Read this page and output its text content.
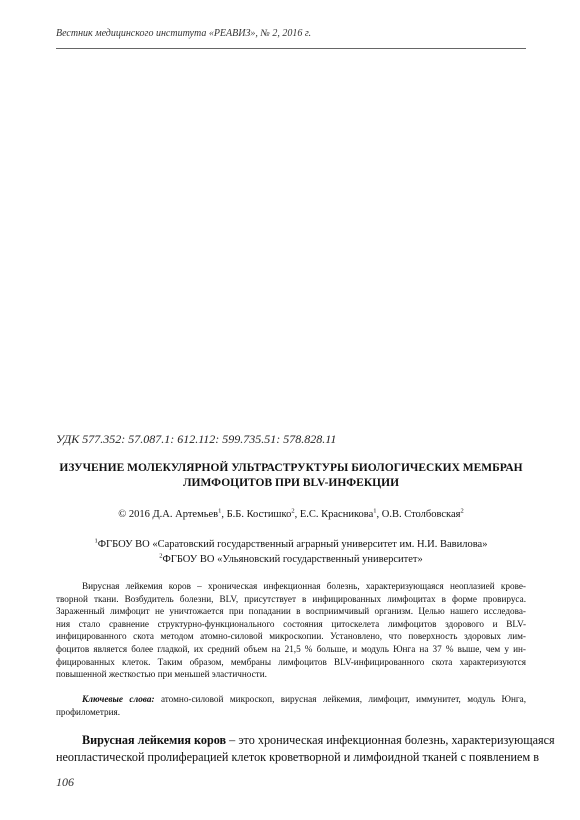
Вестник медицинского института «РЕАВИЗ», № 2, 2016 г.
УДК 577.352: 57.087.1: 612.112: 599.735.51: 578.828.11
ИЗУЧЕНИЕ МОЛЕКУЛЯРНОЙ УЛЬТРАСТРУКТУРЫ БИОЛОГИЧЕСКИХ МЕМБРАН
ЛИМФОЦИТОВ ПРИ BLV-ИНФЕКЦИИ
© 2016 Д.А. Артемьев$^1$, Б.Б. Костишко$^2$, Е.С. Красникова$^1$, О.В. Столбовская$^2$
$^1$ФГБОУ ВО «Саратовский государственный аграрный университет им. Н.И. Вавилова»
$^2$ФГБОУ ВО «Ульяновский государственный университет»
Вирусная лейкемия коров – хроническая инфекционная болезнь, характеризующаяся неоплазией крове-
творной ткани. Возбудитель болезни, BLV, присутствует в инфицированных лимфоцитах в форме провируса.
Зараженный лимфоцит не уничтожается при попадании в восприимчивый организм. Целью нашего исследова-
ния стало сравнение структурно-функционального состояния цитоскелета лимфоцитов здорового и BLV-
инфицированного скота методом атомно-силовой микроскопии. Установлено, что поверхность здоровых лим-
фоцитов является более гладкой, их средний объем на 21,5 % больше, и модуль Юнга на 37 % выше, чем у ин-
фицированных клеток. Таким образом, мембраны лимфоцитов BLV-инфицированного скота характеризуются
повышенной жесткостью при меньшей эластичности.
Ключевые слова: атомно-силовой микроскоп, вирусная лейкемия, лимфоцит, иммунитет, модуль Юнга,
профилометрия.
Вирусная лейкемия коров – это хроническая инфекционная болезнь, характеризующаяся
неопластической пролиферацией клеток кроветворной и лимфоидной тканей с появлением в
106
